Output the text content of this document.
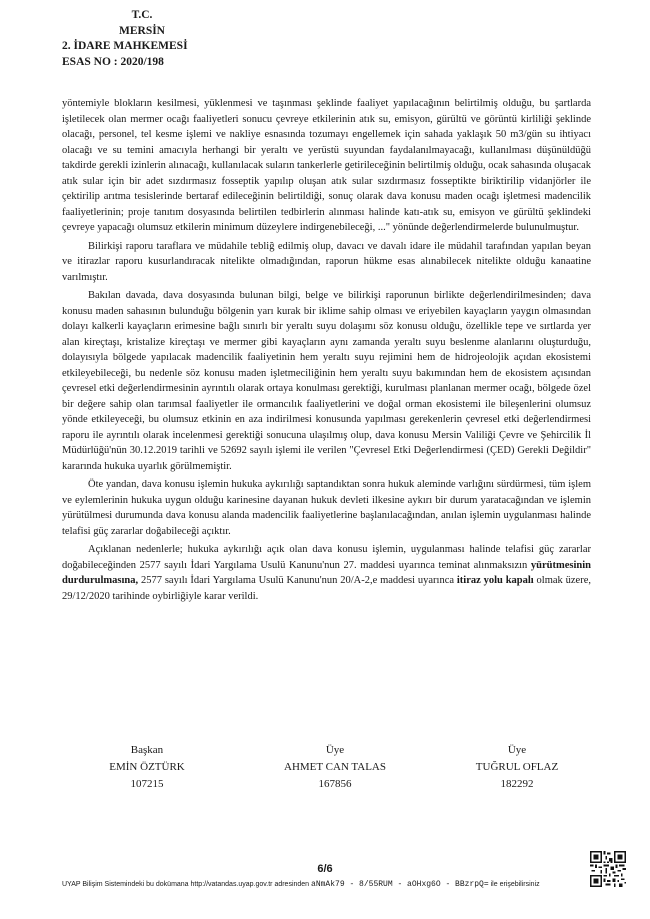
T.C.
MERSİN
2. İDARE MAHKEMESİ
ESAS NO : 2020/198

yöntemiyle blokların kesilmesi, yüklenmesi ve taşınması şeklinde faaliyet yapılacağının belirtilmiş olduğu, bu şartlarda işletilecek olan mermer ocağı faaliyetleri sonucu çevreye etkilerinin atık su, emisyon, gürültü ve görüntü kirliliği şeklinde olacağı, personel, tel kesme işlemi ve nakliye esnasında tozumayı engellemek için sahada yaklaşık 50 m3/gün su ihtiyacı olacağı ve su temini amacıyla herhangi bir yeraltı ve yerüstü suyundan faydalanılmayacağı, kullanılması düşünüldüğü takdirde gerekli izinlerin alınacağı, kullanılacak suların tankerlerle getirileceğinin belirtilmiş olduğu, ocak sahasında oluşacak atık sular için bir adet sızdırmasız fosseptik yapılıp oluşan atık sular sızdırmasız fosseptikte biriktirilip vidanjörler ile çektirilip arıtma tesislerinde bertaraf edileceğinin belirtildiği, sonuç olarak dava konusu maden ocağı işletmesi madencilik faaliyetlerinin; proje tanıtım dosyasında belirtilen tedbirlerin alınması halinde katı-atık su, emisyon ve gürültü şeklindeki çevreye yapacağı olumsuz etkilerin minimum düzeylere indirgenebileceği, ..." yönünde değerlendirmelerde bulunulmuştur.

Bilirkişi raporu taraflara ve müdahile tebliğ edilmiş olup, davacı ve davalı idare ile müdahil tarafından yapılan beyan ve itirazlar raporu kusurlandıracak nitelikte olmadığından, raporun hükme esas alınabilecek nitelikte olduğu kanaatine varılmıştır.

Bakılan davada, dava dosyasında bulunan bilgi, belge ve bilirkişi raporunun birlikte değerlendirilmesinden; dava konusu maden sahasının bulunduğu bölgenin yarı kurak bir iklime sahip olması ve eriyebilen kayaçların yaygın olmasından dolayı kalkerli kayaçların erimesine bağlı sınırlı bir yeraltı suyu dolaşımı söz konusu olduğu, özellikle tepe ve sırtlarda yer alan kireçtaşı, kristalize kireçtaşı ve mermer gibi kayaçların aynı zamanda yeraltı suyu beslenme alanlarını oluşturduğu, dolayısıyla bölgede yapılacak madencilik faaliyetinin hem yeraltı suyu rejimini hem de hidrojeolojik açıdan ekosistemi etkileyebileceği, bu nedenle söz konusu maden işletmeciliğinin hem yeraltı suyu bakımından hem de ekosistem açısından çevresel etki değerlendirmesinin ayrıntılı olarak ortaya konulması gerektiği, kurulması planlanan mermer ocağı, bölgede özel bir değere sahip olan tarımsal faaliyetler ile ormancılık faaliyetlerini ve doğal orman ekosistemi ile bileşenlerini olumsuz yönde etkileyeceği, bu olumsuz etkinin en aza indirilmesi konusunda yapılması gerekenlerin çevresel etki değerlendirmesi raporu ile ayrıntılı olarak incelenmesi gerektiği sonucuna ulaşılmış olup, dava konusu Mersin Valiliği Çevre ve Şehircilik İl Müdürlüğü'nün 30.12.2019 tarihli ve 52692 sayılı işlemi ile verilen "Çevresel Etki Değerlendirmesi (ÇED) Gerekli Değildir" kararında hukuka uyarlık görülmemiştir.

Öte yandan, dava konusu işlemin hukuka aykırılığı saptandıktan sonra hukuk aleminde varlığını sürdürmesi, tüm işlem ve eylemlerinin hukuka uygun olduğu karinesine dayanan hukuk devleti ilkesine aykırı bir durum yaratacağından ve işlemin yürütülmesi durumunda dava konusu alanda madencilik faaliyetlerine başlanılacağından, anılan işlemin uygulanması halinde telafisi güç zararlar doğabileceği açıktır.

Açıklanan nedenlerle; hukuka aykırılığı açık olan dava konusu işlemin, uygulanması halinde telafisi güç zararlar doğabileceğinden 2577 sayılı İdari Yargılama Usulü Kanunu'nun 27. maddesi uyarınca teminat alınmaksızın yürütmesinin durdurulmasına, 2577 sayılı İdari Yargılama Usulü Kanunu'nun 20/A-2,e maddesi uyarınca itiraz yolu kapalı olmak üzere, 29/12/2020 tarihinde oybirliğiyle karar verildi.

Başkan
EMİN ÖZTÜRK
107215
Üye
AHMET CAN TALAS
167856
Üye
TUĞRUL OFLAZ
182292
6/6
UYAP Bilişim Sistemindeki bu dokümana http://vatandas.uyap.gov.tr adresinden aNmAk79 - 8/55RUM - aOHxg6O - BBzrpQ= ile erişebilirsiniz
